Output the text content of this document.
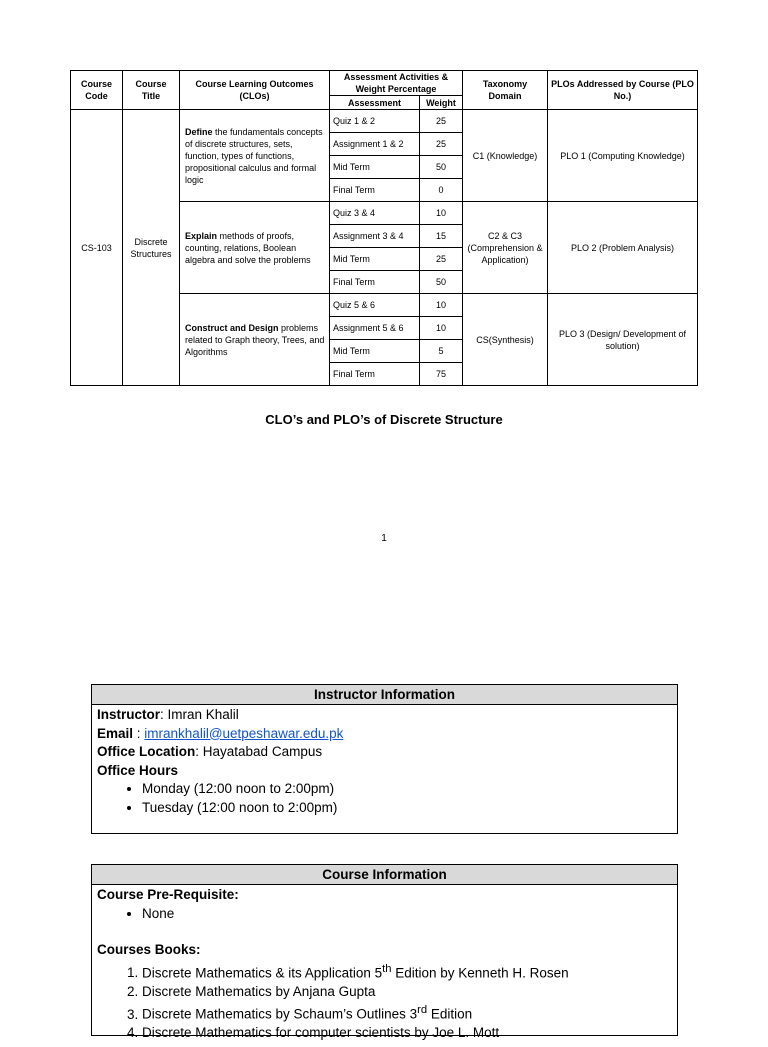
Course Code	Course Title	Course Learning Outcomes (CLOs)	Assessment Activities & Weight Percentage		Taxonomy Domain	PLOs Addressed by Course (PLO No.)
			Assessment	Weight		
CS-103	Discrete Structures	Define the fundamentals concepts of discrete structures, sets, function, types of functions, propositional calculus and formal logic	Quiz 1 & 2	25	C1 (Knowledge)	PLO 1 (Computing Knowledge)
			Assignment 1 & 2	25		
			Mid Term	50		
			Final Term	0		
		Explain methods of proofs, counting, relations, Boolean algebra and solve the problems	Quiz 3 & 4	10	C2 & C3 (Comprehension & Application)	PLO 2 (Problem Analysis)
			Assignment 3 & 4	15		
			Mid Term	25		
			Final Term	50		
		Construct and Design problems related to Graph theory, Trees, and Algorithms	Quiz 5 & 6	10	CS(Synthesis)	PLO 3 (Design/ Development of solution)
			Assignment 5 & 6	10		
			Mid Term	5		
			Final Term	75		
CLO’s and PLO’s of Discrete Structure
1
Instructor Information
Instructor: Imran Khalil
Email : imrankhalil@uetpeshawar.edu.pk
Office Location: Hayatabad Campus
Office Hours
• Monday (12:00 noon to 2:00pm)
• Tuesday (12:00 noon to 2:00pm)
Course Information
Course Pre-Requisite:
• None
Courses Books:
1. Discrete Mathematics & its Application 5th Edition by Kenneth H. Rosen
2. Discrete Mathematics by Anjana Gupta
3. Discrete Mathematics by Schaum’s Outlines 3rd Edition
4. Discrete Mathematics for computer scientists by Joe L. Mott
